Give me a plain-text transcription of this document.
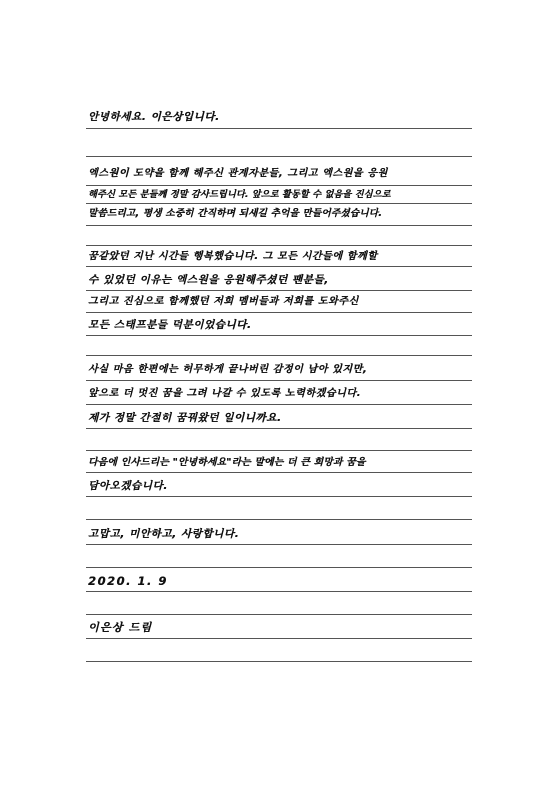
안녕하세요. 이은상입니다.
엑스원이 도약을 함께 해주신 관계자분들, 그리고 엑스원을 응원
해주신 모든 분들께 정말 감사드립니다. 앞으로 활동할 수 없음을 진심으로
말씀드리고, 평생 소중히 간직하며 되새길 추억을 만들어주셨습니다.
꿈같았던 지난 시간들 행복했습니다. 그 모든 시간들에 함께할
수 있었던 이유는 엑스원을 응원해주셨던 팬분들,
그리고 진심으로 함께했던 저희 멤버들과 저희를 도와주신
모든 스태프분들 덕분이었습니다.
사실 마음 한편에는 허무하게 끝나버린 감정이 남아 있지만,
앞으로 더 멋진 꿈을 그려 나갈 수 있도록 노력하겠습니다.
제가 정말 간절히 꿈꿔왔던 일이니까요.
다음에 인사드리는 "안녕하세요"라는 말에는 더 큰 희망과 꿈을
담아오겠습니다.
고맙고, 미안하고, 사랑합니다.
2020. 1. 9
이은상 드림
